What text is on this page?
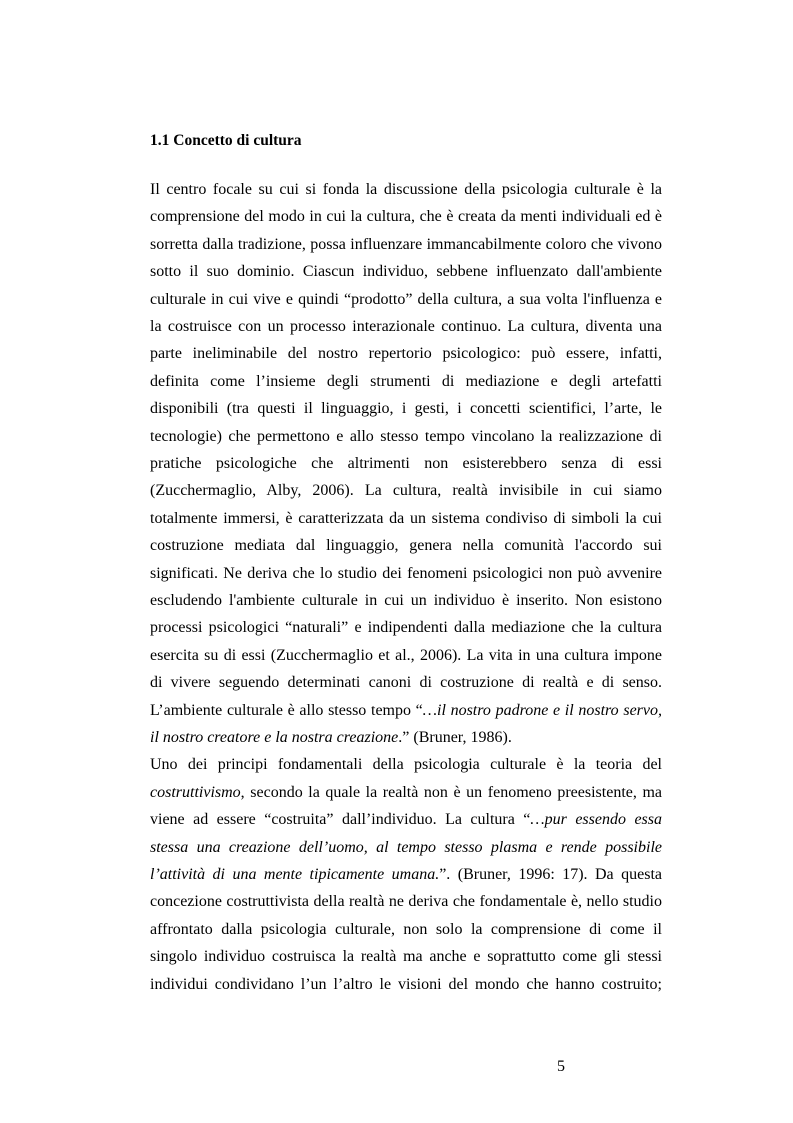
1.1 Concetto di cultura

Il centro focale su cui si fonda la discussione della psicologia culturale è la

comprensione del modo in cui la cultura, che è creata da menti individuali ed è

sorretta dalla tradizione, possa influenzare immancabilmente coloro che vivono

sotto il suo dominio. Ciascun individuo, sebbene influenzato dall'ambiente

culturale in cui vive e quindi “prodotto” della cultura, a sua volta l'influenza e

la costruisce con un processo interazionale continuo. La cultura, diventa una

parte ineliminabile del nostro repertorio psicologico: può essere, infatti,

definita come l’insieme degli strumenti di mediazione e degli artefatti

disponibili (tra questi il linguaggio, i gesti, i concetti scientifici, l’arte, le

tecnologie) che permettono e allo stesso tempo vincolano la realizzazione di

pratiche psicologiche che altrimenti non esisterebbero senza di essi

(Zucchermaglio, Alby, 2006). La cultura, realtà invisibile in cui siamo

totalmente immersi, è caratterizzata da un sistema condiviso di simboli la cui

costruzione mediata dal linguaggio, genera nella comunità l'accordo sui

significati. Ne deriva che lo studio dei fenomeni psicologici non può avvenire

escludendo l'ambiente culturale in cui un individuo è inserito. Non esistono

processi psicologici “naturali” e indipendenti dalla mediazione che la cultura

esercita su di essi (Zucchermaglio et al., 2006). La vita in una cultura impone

di vivere seguendo determinati canoni di costruzione di realtà e di senso.

L’ambiente culturale è allo stesso tempo “…il nostro padrone e il nostro servo,

il nostro creatore e la nostra creazione.” (Bruner, 1986).

Uno dei principi fondamentali della psicologia culturale è la teoria del

costruttivismo, secondo la quale la realtà non è un fenomeno preesistente, ma

viene ad essere “costruita” dall’individuo. La cultura “…pur essendo essa

stessa una creazione dell’uomo, al tempo stesso plasma e rende possibile

l’attività di una mente tipicamente umana.”. (Bruner, 1996: 17). Da questa

concezione costruttivista della realtà ne deriva che fondamentale è, nello studio

affrontato dalla psicologia culturale, non solo la comprensione di come il

singolo individuo costruisca la realtà ma anche e soprattutto come gli stessi

individui condividano l’un l’altro le visioni del mondo che hanno costruito;

5
